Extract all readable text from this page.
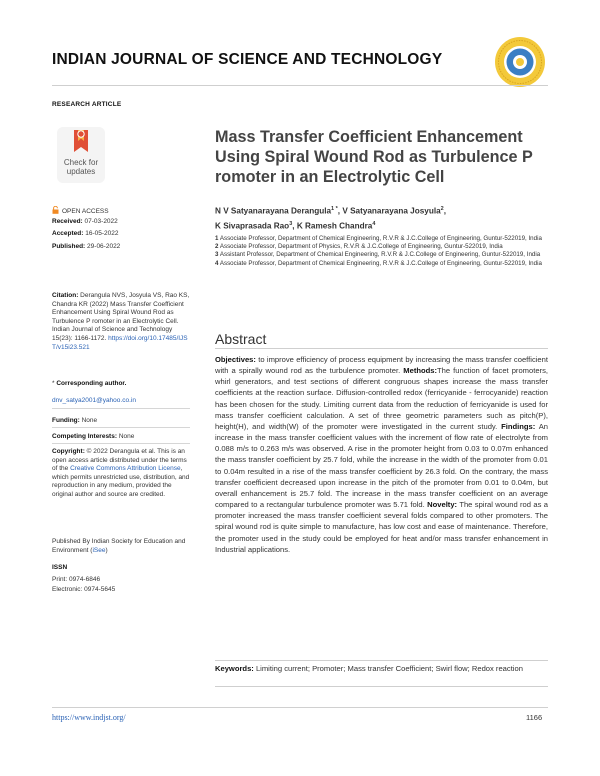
INDIAN JOURNAL OF SCIENCE AND TECHNOLOGY
RESEARCH ARTICLE
Check for updates
OPEN ACCESS
Received: 07-03-2022
Accepted: 16-05-2022
Published: 29-06-2022
Citation: Derangula NVS, Josyula VS, Rao KS, Chandra KR (2022) Mass Transfer Coefficient Enhancement Using Spiral Wound Rod as Turbulence P romoter in an Electrolytic Cell. Indian Journal of Science and Technology 15(23): 1166-1172. https://doi.org/10.17485/IJST/v15i23.521
* Corresponding author.
dnv_satya2001@yahoo.co.in
Funding: None
Competing Interests: None
Copyright: © 2022 Derangula et al. This is an open access article distributed under the terms of the Creative Commons Attribution License, which permits unrestricted use, distribution, and reproduction in any medium, provided the original author and source are credited.
Published By Indian Society for Education and Environment (iSee)
ISSN
Print: 0974-6846
Electronic: 0974-5645
Mass Transfer Coefficient Enhancement Using Spiral Wound Rod as Turbulence P romoter in an Electrolytic Cell
N V Satyanarayana Derangula$^{1 *}$, V Satyanarayana Josyula$^2$,
K Sivaprasada Rao$^3$, K Ramesh Chandra$^4$
1 Associate Professor, Department of Chemical Engineering, R.V.R & J.C.College of Engineering, Guntur-522019, India
2 Associate Professor, Department of Physics, R.V.R & J.C.College of Engineering, Guntur-522019, India
3 Assistant Professor, Department of Chemical Engineering, R.V.R & J.C.College of Engineering, Guntur-522019, India
4 Associate Professor, Department of Chemical Engineering, R.V.R & J.C.College of Engineering, Guntur-522019, India
Abstract
Objectives: to improve efficiency of process equipment by increasing the mass transfer coefficient with a spirally wound rod as the turbulence promoter. Methods:The function of facet promoters, whirl generators, and test sections of different congruous shapes increase the mass transfer coefficients at the reaction surface. Diffusion-controlled redox (ferricyanide - ferrocyanide) reaction has been chosen for the study. Limiting current data from the reduction of ferricyanide is used for mass transfer coefficient calculation. A set of three geometric parameters such as pitch(P), height(H), and width(W) of the promoter were investigated in the current study. Findings: An increase in the mass transfer coefficient values with the increment of flow rate of electrolyte from 0.088 m/s to 0.263 m/s was observed. A rise in the promoter height from 0.03 to 0.07m enhanced the mass transfer coefficient by 25.7 fold, while the increase in the width of the promoter from 0.01 to 0.04m resulted in a rise of the mass transfer coefficient by 26.3 fold. On the contrary, the mass transfer coefficient decreased upon increase in the pitch of the promoter from 0.01 to 0.04m, but overall enhancement is 25.7 fold. The increase in the mass transfer coefficient on an average compared to a rectangular turbulence promoter was 5.71 fold. Novelty: The spiral wound rod as a promoter increased the mass transfer coefficient several folds compared to other promoters. The spiral wound rod is quite simple to manufacture, has low cost and ease of maintenance. Therefore, the promoter used in the study could be employed for heat and/or mass transfer enhancement in Industrial applications.
Keywords: Limiting current; Promoter; Mass transfer Coefficient; Swirl flow; Redox reaction
https://www.indjst.org/	1166
